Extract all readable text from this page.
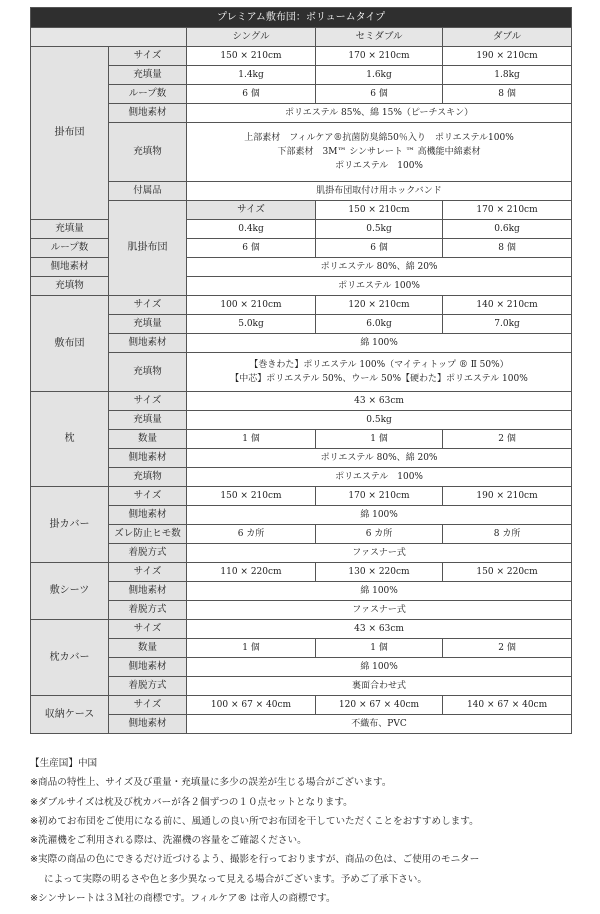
プレミアム敷布団：ボリュームタイプ					
		シングル	セミダブル	ダブル	
掛布団	サイズ	150 × 210cm	170 × 210cm	190 × 210cm	
	充填量	1.4kg	1.6kg	1.8kg	
	ループ数	6 個	6 個	8 個	
	側地素材	ポリエステル 85%、綿 15%（ピーチスキン）			
	充填物	上部素材　フィルケア®抗菌防臭綿50％入り　ポリエステル100%
下部素材　3M™ シンサレート ™ 高機能中綿素材
ポリエステル　100%			

	付属品	肌掛布団取付け用ホックバンド			
	肌掛布団	サイズ	150 × 210cm	170 × 210cm	
充填量		0.4kg	0.5kg	0.6kg	
ループ数		6 個	6 個	8 個	
側地素材		ポリエステル 80%、綿 20%			
充填物		ポリエステル 100%			
敷布団	サイズ	100 × 210cm	120 × 210cm	140 × 210cm	
	充填量	5.0kg	6.0kg	7.0kg	
	側地素材	綿 100%			
	充填物	【巻きわた】ポリエステル 100%（マイティトップ ® Ⅱ 50%）
【中芯】ポリエステル 50%、ウール 50%【硬わた】ポリエステル 100%			

枕	サイズ	43 × 63cm			
	充填量	0.5kg			
	数量	1 個	1 個	2 個	
	側地素材	ポリエステル 80%、綿 20%			
	充填物	ポリエステル　100%			
掛カバー	サイズ	150 × 210cm	170 × 210cm	190 × 210cm	
	側地素材	綿 100%			
	ズレ防止ヒモ数	6 カ所	6 カ所	8 カ所	
	着脱方式	ファスナー式			
敷シーツ	サイズ	110 × 220cm	130 × 220cm	150 × 220cm	
	側地素材	綿 100%			
	着脱方式	ファスナー式			
枕カバー	サイズ	43 × 63cm			
	数量	1 個	1 個	2 個	
	側地素材	綿 100%			
	着脱方式	裏面合わせ式			
収納ケース	サイズ	100 × 67 × 40cm	120 × 67 × 40cm	140 × 67 × 40cm	
	側地素材	不織布、PVC			
【生産国】中国
※商品の特性上、サイズ及び重量・充填量に多少の誤差が生じる場合がございます。
※ダブルサイズは枕及び枕カバーが各２個ずつの１０点セットとなります。
※初めてお布団をご使用になる前に、風通しの良い所でお布団を干していただくことをおすすめします。
※洗濯機をご利用される際は、洗濯機の容量をご確認ください。
※実際の商品の色にできるだけ近づけるよう、撮影を行っておりますが、商品の色は、ご使用のモニター
によって実際の明るさや色と多少異なって見える場合がございます。予めご了承下さい。
※シンサレートは３Ｍ社の商標です。フィルケア® は帝人の商標です。
